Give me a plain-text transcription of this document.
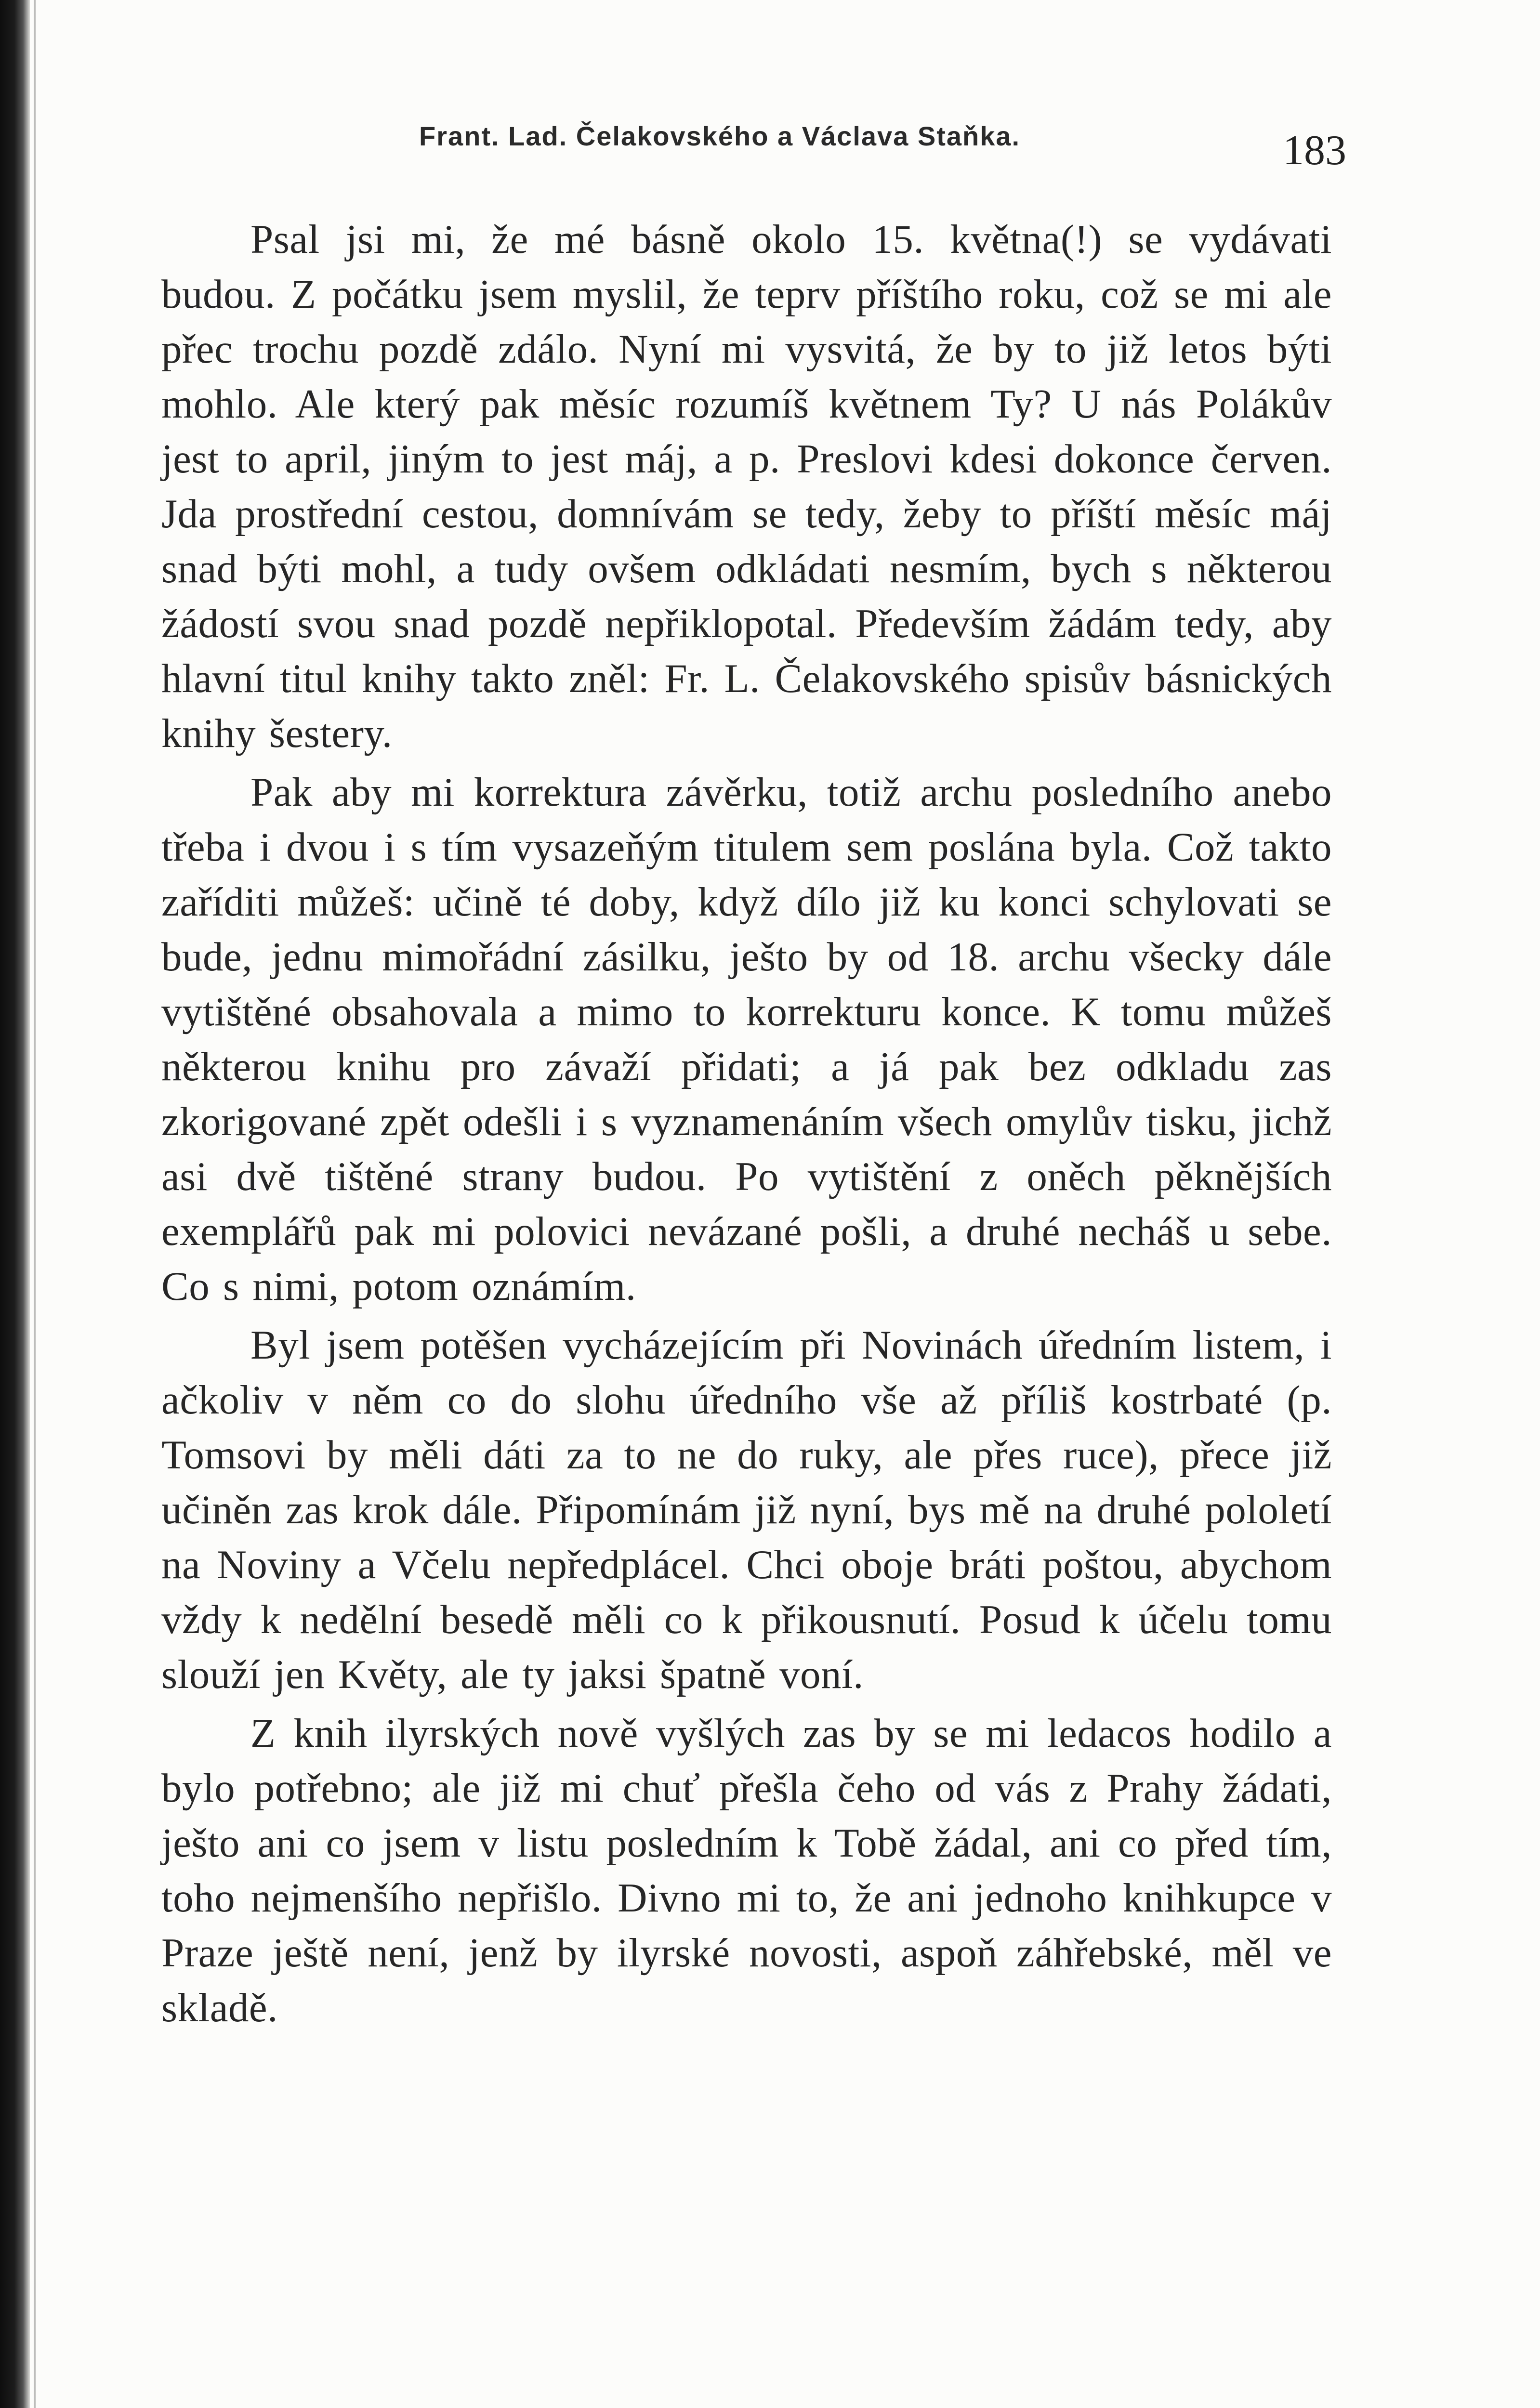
Frant. Lad. Čelakovského a Václava Staňka.	183

Psal jsi mi, že mé básně okolo 15. května(!) se vydávati budou. Z počátku jsem myslil, že teprv příštího roku, což se mi ale přec trochu pozdě zdálo. Nyní mi vysvitá, že by to již letos býti mohlo. Ale který pak měsíc rozumíš květnem Ty? U nás Polákův jest to april, jiným to jest máj, a p. Preslovi kdesi dokonce červen. Jda prostřední cestou, domnívám se tedy, žeby to příští měsíc máj snad býti mohl, a tudy ovšem odkládati nesmím, bych s některou žádostí svou snad pozdě nepřiklopotal. Především žádám tedy, aby hlavní titul knihy takto zněl: Fr. L. Čelakovského spisův básnických knihy šestery.

Pak aby mi korrektura závěrku, totiž archu posledního anebo třeba i dvou i s tím vysazeňým titulem sem poslána byla. Což takto zaříditi můžeš: učině té doby, když dílo již ku konci schylovati se bude, jednu mimořádní zásilku, ješto by od 18. archu všecky dále vytištěné obsahovala a mimo to korrekturu konce. K tomu můžeš některou knihu pro závaží přidati; a já pak bez odkladu zas zkorigované zpět odešli i s vyznamenáním všech omylův tisku, jichž asi dvě tištěné strany budou. Po vytištění z oněch pěknějších exemplářů pak mi polovici nevázané pošli, a druhé necháš u sebe. Co s nimi, potom oznámím.

Byl jsem potěšen vycházejícím při Novinách úředním listem, i ačkoliv v něm co do slohu úředního vše až příliš kostrbaté (p. Tomsovi by měli dáti za to ne do ruky, ale přes ruce), přece již učiněn zas krok dále. Připomínám již nyní, bys mě na druhé pololetí na Noviny a Včelu nepředplácel. Chci oboje bráti poštou, abychom vždy k nedělní besedě měli co k přikousnutí. Posud k účelu tomu slouží jen Květy, ale ty jaksi špatně voní.

Z knih ilyrských nově vyšlých zas by se mi ledacos hodilo a bylo potřebno; ale již mi chuť přešla čeho od vás z Prahy žádati, ješto ani co jsem v listu posledním k Tobě žádal, ani co před tím, toho nejmenšího nepřišlo. Divno mi to, že ani jednoho knihkupce v Praze ještě není, jenž by ilyrské novosti, aspoň záhřebské, měl ve skladě.
